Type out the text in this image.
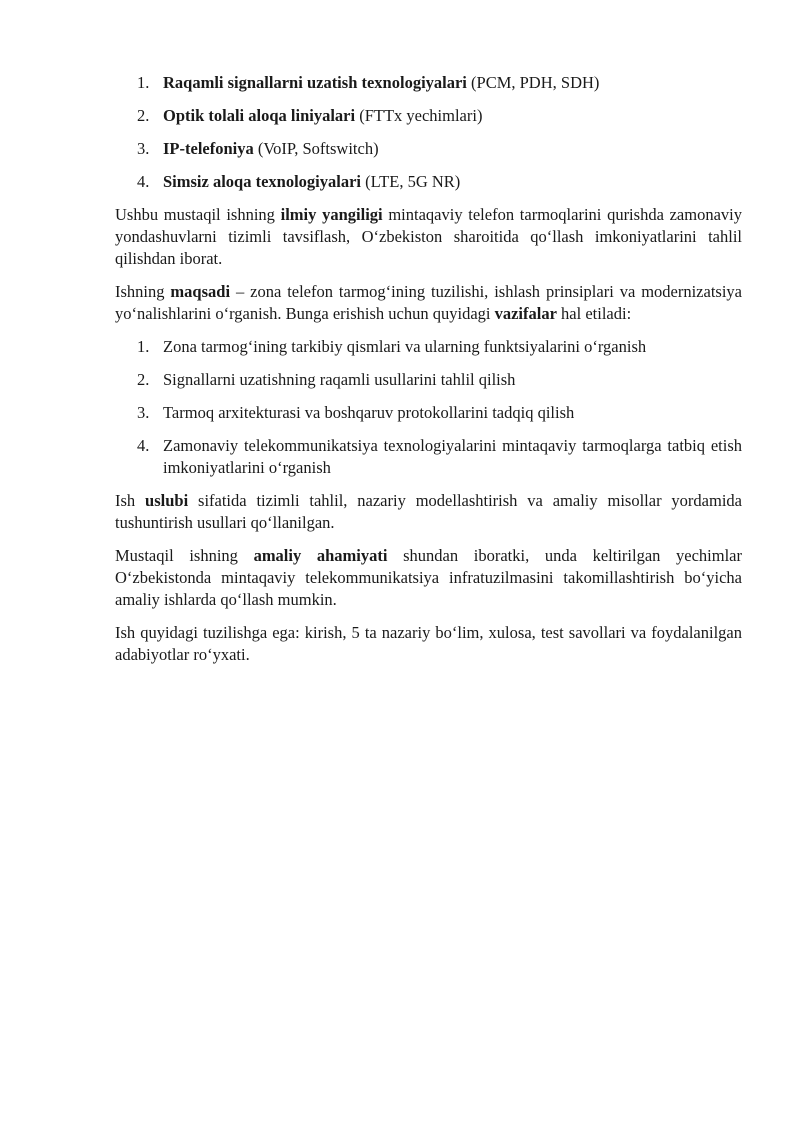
1. Raqamli signallarni uzatish texnologiyalari (PCM, PDH, SDH)
2. Optik tolali aloqa liniyalari (FTTx yechimlari)
3. IP-telefoniya (VoIP, Softswitch)
4. Simsiz aloqa texnologiyalari (LTE, 5G NR)

Ushbu mustaqil ishning ilmiy yangiligi mintaqaviy telefon tarmoqlarini qurishda zamonaviy yondashuvlarni tizimli tavsiflash, O‘zbekiston sharoitida qo‘llash imkoniyatlarini tahlil qilishdan iborat.

Ishning maqsadi – zona telefon tarmog‘ining tuzilishi, ishlash prinsiplari va modernizatsiya yo‘nalishlarini o‘rganish. Bunga erishish uchun quyidagi vazifalar hal etiladi:

1. Zona tarmog‘ining tarkibiy qismlari va ularning funktsiyalarini o‘rganish
2. Signallarni uzatishning raqamli usullarini tahlil qilish
3. Tarmoq arxitekturasi va boshqaruv protokollarini tadqiq qilish
4. Zamonaviy telekommunikatsiya texnologiyalarini mintaqaviy tarmoqlarga tatbiq etish imkoniyatlarini o‘rganish

Ish uslubi sifatida tizimli tahlil, nazariy modellashtirish va amaliy misollar yordamida tushuntirish usullari qo‘llanilgan.

Mustaqil ishning amaliy ahamiyati shundan iboratki, unda keltirilgan yechimlar O‘zbekistonda mintaqaviy telekommunikatsiya infratuzilmasini takomillashtirish bo‘yicha amaliy ishlarda qo‘llash mumkin.

Ish quyidagi tuzilishga ega: kirish, 5 ta nazariy bo‘lim, xulosa, test savollari va foydalanilgan adabiyotlar ro‘yxati.
